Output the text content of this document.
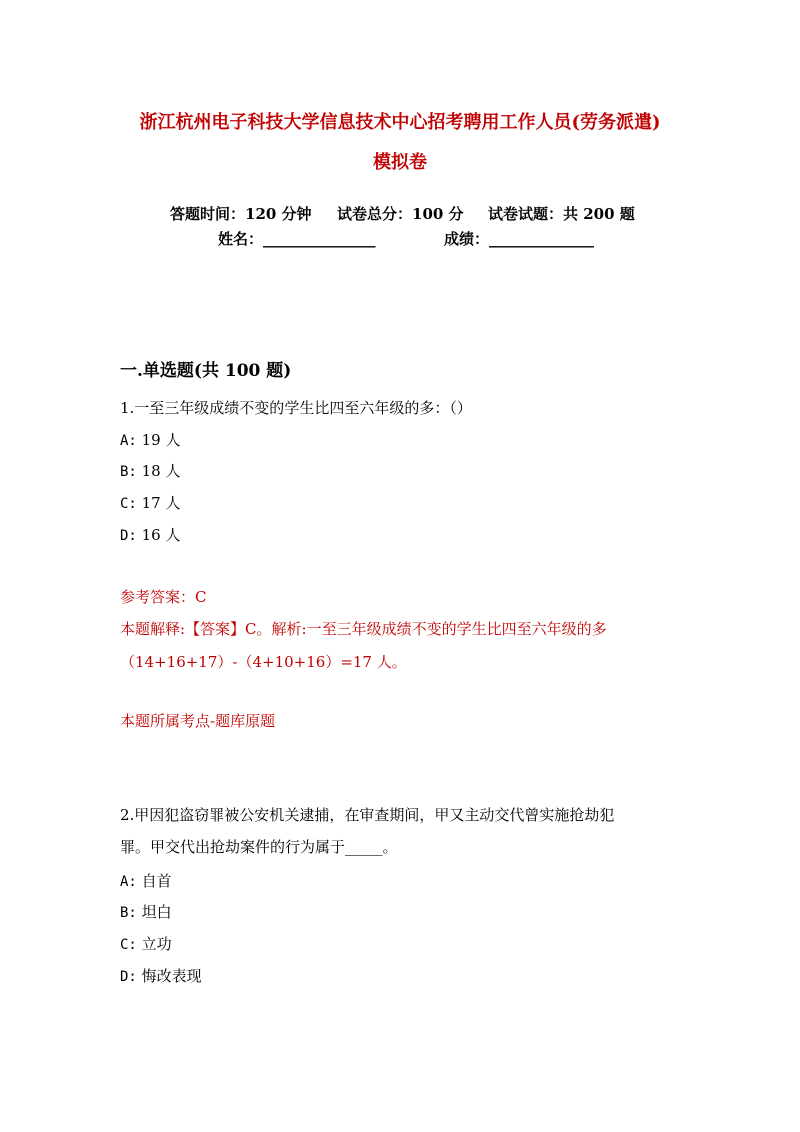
浙江杭州电子科技大学信息技术中心招考聘用工作人员(劳务派遣)
模拟卷
答题时间：120 分钟 试卷总分：100 分 试卷试题：共 200 题
姓名：_______________	成绩：______________
一.单选题(共 100 题)
1.一至三年级成绩不变的学生比四至六年级的多：（）
A: 19 人
B: 18 人
C: 17 人
D: 16 人
参考答案：C
本题解释:【答案】C。解析:一至三年级成绩不变的学生比四至六年级的多
（14+16+17）-（4+10+16）=17 人。
本题所属考点-题库原题
2.甲因犯盗窃罪被公安机关逮捕，在审查期间，甲又主动交代曾实施抢劫犯
罪。甲交代出抢劫案件的行为属于_____。
A: 自首
B: 坦白
C: 立功
D: 悔改表现
